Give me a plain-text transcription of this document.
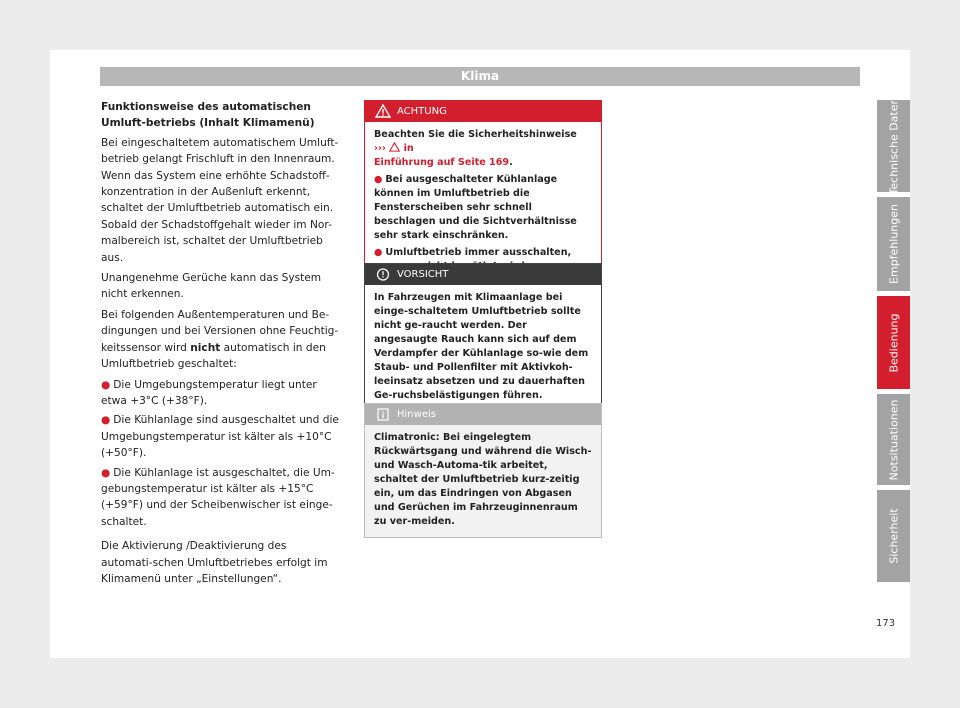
Klima

Funktionsweise des automatischen Umluft-betriebs (Inhalt Klimamenü)

Bei eingeschaltetem automatischem Umluft-betrieb gelangt Frischluft in den Innenraum. Wenn das System eine erhöhte Schadstoff-konzentration in der Außenluft erkennt, schaltet der Umluftbetrieb automatisch ein. Sobald der Schadstoffgehalt wieder im Nor-malbereich ist, schaltet der Umluftbetrieb aus.

Unangenehme Gerüche kann das System nicht erkennen.

Bei folgenden Außentemperaturen und Be-dingungen und bei Versionen ohne Feuchtig-keitssensor wird nicht automatisch in den Umluftbetrieb geschaltet:

● Die Umgebungstemperatur liegt unter etwa +3°C (+38°F).

● Die Kühlanlage sind ausgeschaltet und die Umgebungstemperatur ist kälter als +10°C (+50°F).

● Die Kühlanlage ist ausgeschaltet, die Um-gebungstemperatur ist kälter als +15°C (+59°F) und der Scheibenwischer ist einge-schaltet.

Die Aktivierung /Deaktivierung des automati-schen Umluftbetriebes erfolgt im Klimamenü unter „Einstellungen“.

ACHTUNG

Beachten Sie die Sicherheitshinweise ››› in
Einführung auf Seite 169.

● Bei ausgeschalteter Kühlanlage können im Umluftbetrieb die Fensterscheiben sehr schnell beschlagen und die Sichtverhältnisse sehr stark einschränken.

● Umluftbetrieb immer ausschalten,

VORSICHT

In Fahrzeugen mit Klimaanlage bei einge-schaltetem Umluftbetrieb sollte nicht ge-raucht werden. Der angesaugte Rauch kann sich auf dem Verdampfer der Kühlanlage so-wie dem Staub- und Pollenfilter mit Aktivkoh-leeinsatz absetzen und zu dauerhaften Ge-ruchsbelästigungen führen.

Hinweis

Climatronic: Bei eingelegtem Rückwärtsgang und während die Wisch- und Wasch-Automa-tik arbeitet, schaltet der Umluftbetrieb kurz-zeitig ein, um das Eindringen von Abgasen und Gerüchen im Fahrzeuginnenraum zu ver-meiden.

Technische Daten
Empfehlungen
Bedienung
Notsituationen
Sicherheit
173
